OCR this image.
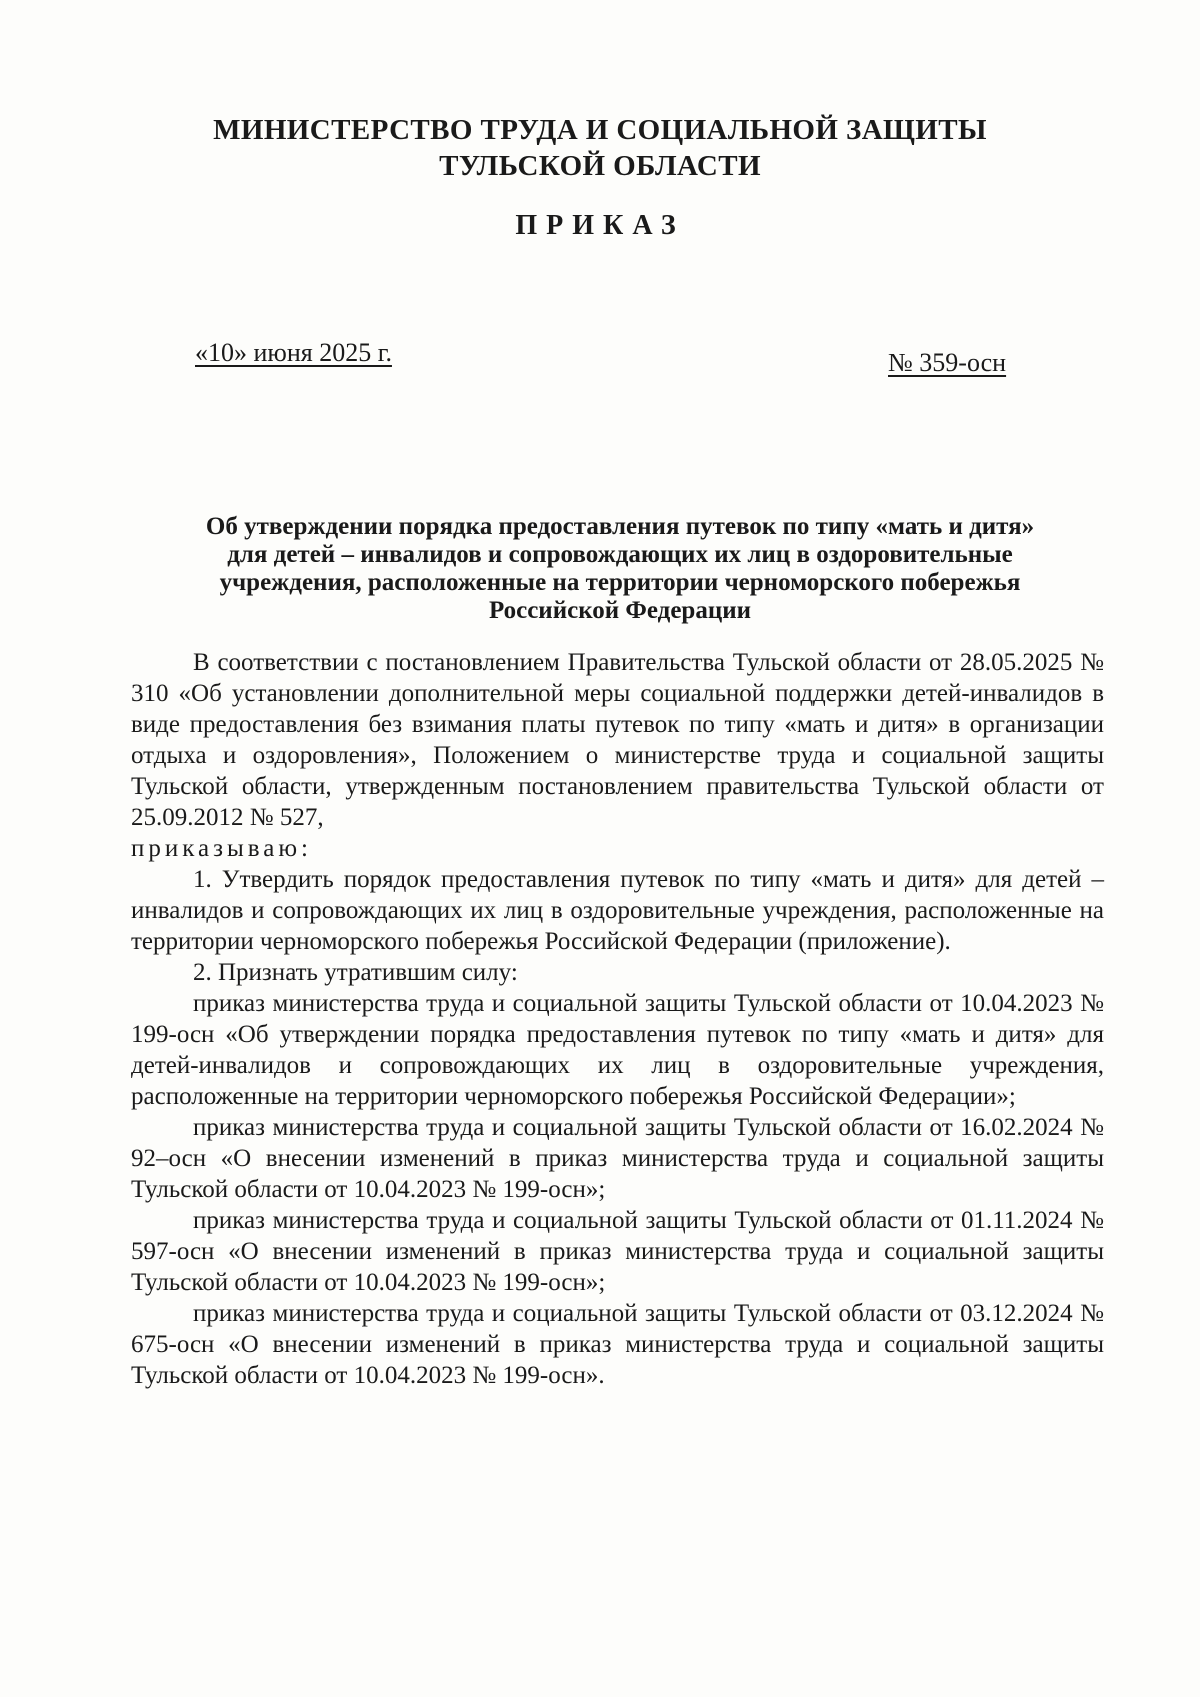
МИНИСТЕРСТВО ТРУДА И СОЦИАЛЬНОЙ ЗАЩИТЫ
ТУЛЬСКОЙ ОБЛАСТИ
ПРИКАЗ
«10» июня 2025 г.	№ 359-осн
Об утверждении порядка предоставления путевок по типу «мать и дитя»
для детей – инвалидов и сопровождающих их лиц в оздоровительные
учреждения, расположенные на территории черноморского побережья
Российской Федерации

В соответствии с постановлением Правительства Тульской области от 28.05.2025 № 310 «Об установлении дополнительной меры социальной поддержки детей-инвалидов в виде предоставления без взимания платы путевок по типу «мать и дитя» в организации отдыха и оздоровления», Положением о министерстве труда и социальной защиты Тульской области, утвержденным постановлением правительства Тульской области от 25.09.2012 № 527,

приказываю:

1. Утвердить порядок предоставления путевок по типу «мать и дитя» для детей – инвалидов и сопровождающих их лиц в оздоровительные учреждения, расположенные на территории черноморского побережья Российской Федерации (приложение).

2. Признать утратившим силу:

приказ министерства труда и социальной защиты Тульской области от 10.04.2023 № 199-осн «Об утверждении порядка предоставления путевок по типу «мать и дитя» для детей-инвалидов и сопровождающих их лиц в оздоровительные учреждения, расположенные на территории черноморского побережья Российской Федерации»;

приказ министерства труда и социальной защиты Тульской области от 16.02.2024 № 92–осн «О внесении изменений в приказ министерства труда и социальной защиты Тульской области от 10.04.2023 № 199-осн»;

приказ министерства труда и социальной защиты Тульской области от 01.11.2024 № 597-осн «О внесении изменений в приказ министерства труда и социальной защиты Тульской области от 10.04.2023 № 199-осн»;

приказ министерства труда и социальной защиты Тульской области от 03.12.2024 № 675-осн «О внесении изменений в приказ министерства труда и социальной защиты Тульской области от 10.04.2023 № 199-осн».
